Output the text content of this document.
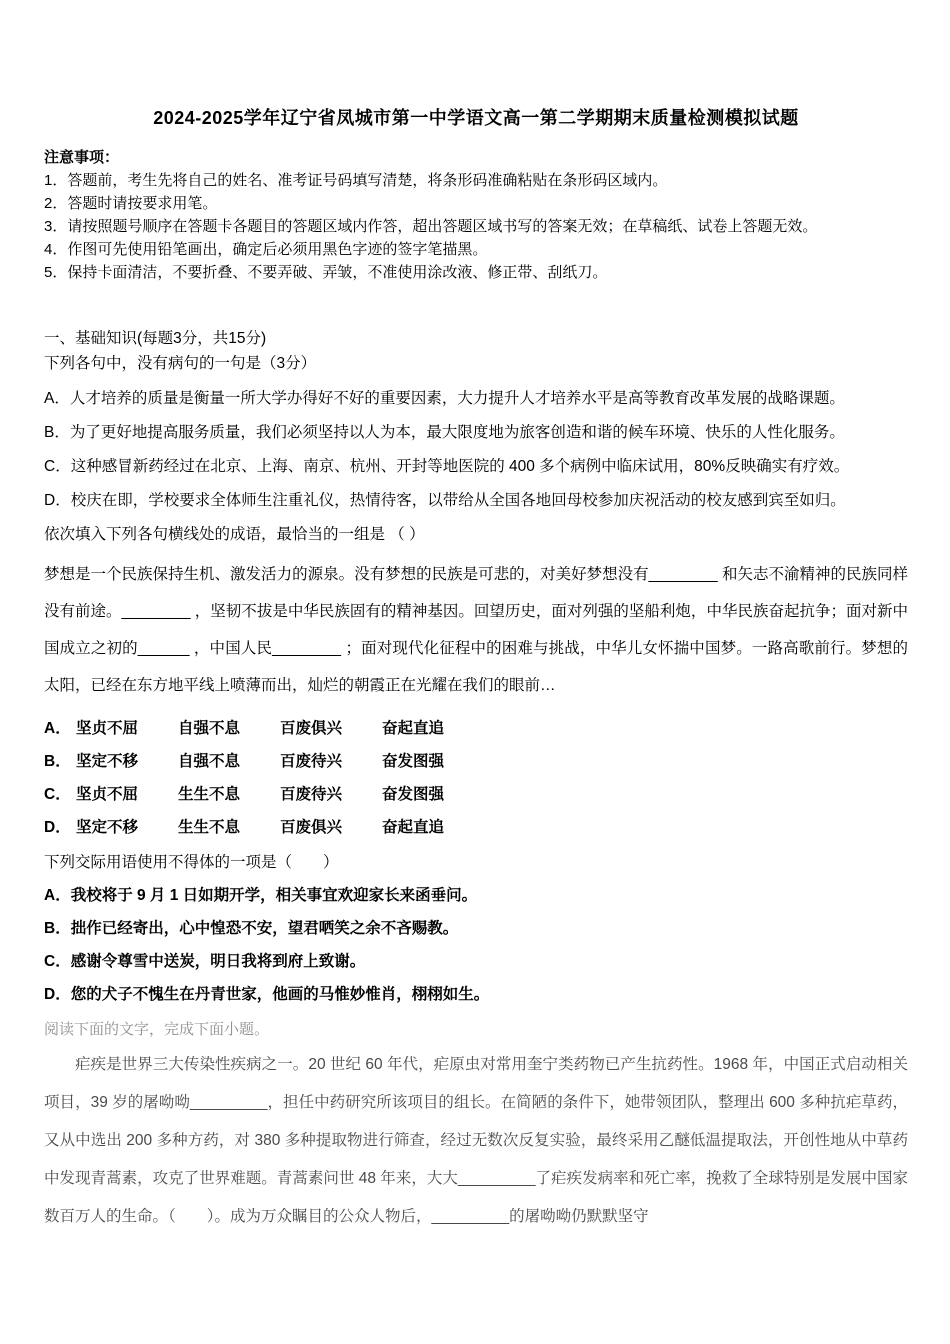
2024-2025学年辽宁省凤城市第一中学语文高一第二学期期末质量检测模拟试题
注意事项：
1．答题前，考生先将自己的姓名、准考证号码填写清楚，将条形码准确粘贴在条形码区域内。
2．答题时请按要求用笔。
3．请按照题号顺序在答题卡各题目的答题区域内作答，超出答题区域书写的答案无效；在草稿纸、试卷上答题无效。
4．作图可先使用铅笔画出，确定后必须用黑色字迹的签字笔描黑。
5．保持卡面清洁，不要折叠、不要弄破、弄皱，不准使用涂改液、修正带、刮纸刀。
一、基础知识(每题3分，共15分)
下列各句中，没有病句的一句是（3分）
A．人才培养的质量是衡量一所大学办得好不好的重要因素，大力提升人才培养水平是高等教育改革发展的战略课题。
B．为了更好地提高服务质量，我们必须坚持以人为本，最大限度地为旅客创造和谐的候车环境、快乐的人性化服务。
C．这种感冒新药经过在北京、上海、南京、杭州、开封等地医院的 400 多个病例中临床试用，80%反映确实有疗效。
D．校庆在即，学校要求全体师生注重礼仪，热情待客，以带给从全国各地回母校参加庆祝活动的校友感到宾至如归。
依次填入下列各句横线处的成语，最恰当的一组是 （ ）
梦想是一个民族保持生机、激发活力的源泉。没有梦想的民族是可悲的，对美好梦想没有________ 和矢志不渝精神的民族同样没有前途。________ ，坚韧不拔是中华民族固有的精神基因。回望历史，面对列强的坚船利炮，中华民族奋起抗争；面对新中国成立之初的______ ，中国人民________ ；面对现代化征程中的困难与挑战，中华儿女怀揣中国梦。一路高歌前行。梦想的太阳，已经在东方地平线上喷薄而出，灿烂的朝霞正在光耀在我们的眼前…
A． 坚贞不屈	自强不息	百废俱兴	奋起直追
B． 坚定不移	自强不息	百废待兴	奋发图强
C． 坚贞不屈	生生不息	百废待兴	奋发图强
D． 坚定不移	生生不息	百废俱兴	奋起直追
下列交际用语使用不得体的一项是（　　）
A．我校将于 9 月 1 日如期开学，相关事宜欢迎家长来函垂问。
B．拙作已经寄出，心中惶恐不安，望君哂笑之余不吝赐教。
C．感谢令尊雪中送炭，明日我将到府上致谢。
D．您的犬子不愧生在丹青世家，他画的马惟妙惟肖，栩栩如生。
阅读下面的文字，完成下面小题。
疟疾是世界三大传染性疾病之一。20 世纪 60 年代，疟原虫对常用奎宁类药物已产生抗药性。1968 年，中国正式启动相关项目，39 岁的屠呦呦_________，担任中药研究所该项目的组长。在简陋的条件下，她带领团队，整理出 600 多种抗疟草药，又从中选出 200 多种方药，对 380 多种提取物进行筛查，经过无数次反复实验，最终采用乙醚低温提取法，开创性地从中草药中发现青蒿素，攻克了世界难题。青蒿素问世 48 年来，大大_________了疟疾发病率和死亡率，挽救了全球特别是发展中国家数百万人的生命。（　　）。成为万众瞩目的公众人物后，_________的屠呦呦仍默默坚守
